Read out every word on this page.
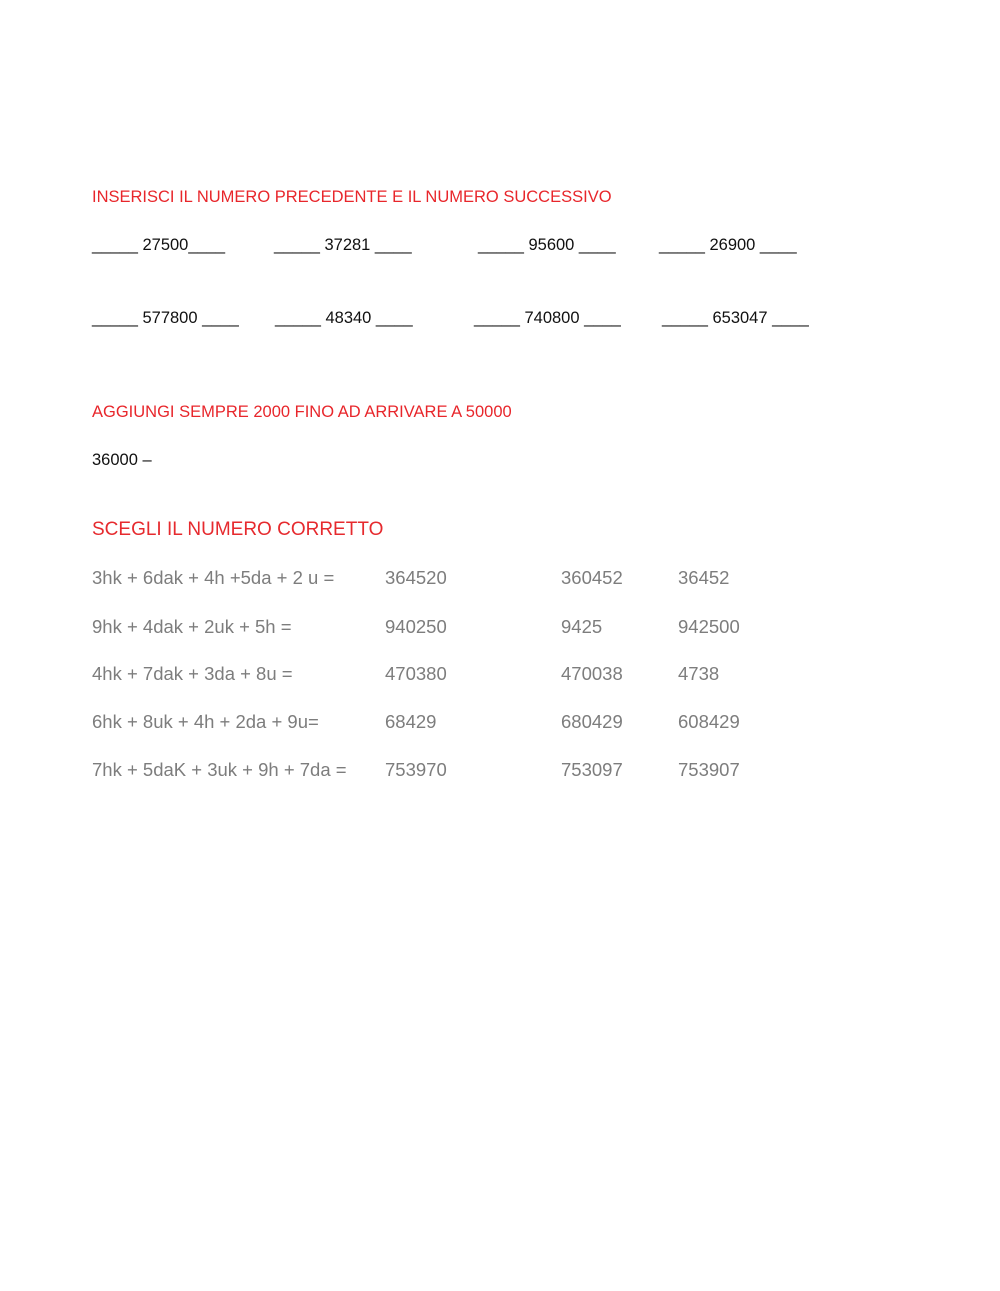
INSERISCI IL NUMERO PRECEDENTE E IL NUMERO SUCCESSIVO
_____ 27500____	_____ 37281 ____	_____ 95600 ____	_____ 26900 ____
_____ 577800 ____ _____ 48340 ____	_____ 740800 ____ _____ 653047 ____
AGGIUNGI SEMPRE 2000 FINO AD ARRIVARE A 50000
36000 –
SCEGLI IL NUMERO CORRETTO
3hk + 6dak + 4h +5da + 2 u =	364520	360452	36452
9hk + 4dak + 2uk + 5h =	940250	9425	942500
4hk + 7dak + 3da + 8u =	470380	470038	4738
6hk + 8uk + 4h + 2da + 9u=	68429	680429	608429
7hk + 5daK + 3uk + 9h + 7da = 753970	753097	753907
